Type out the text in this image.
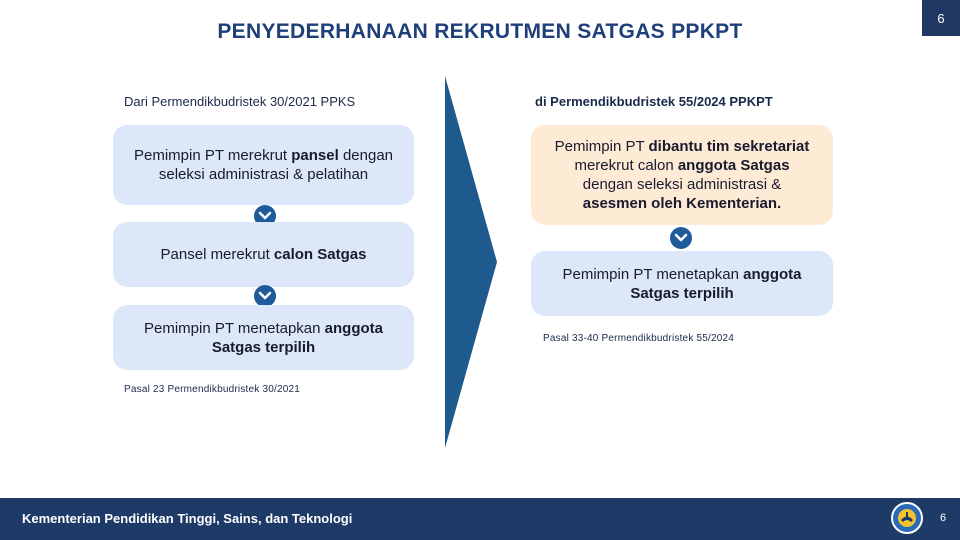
6
PENYEDERHANAAN REKRUTMEN SATGAS PPKPT
Dari Permendikbudristek 30/2021 PPKS	di Permendikbudristek 55/2024 PPKPT
Pemimpin PT merekrut pansel dengan seleksi administrasi & pelatihan
Pansel merekrut calon Satgas
Pemimpin PT menetapkan anggota Satgas terpilih
Pasal 23 Permendikbudristek 30/2021
Pemimpin PT dibantu tim sekretariat merekrut calon anggota Satgas dengan seleksi administrasi & asesmen oleh Kementerian.
Pemimpin PT menetapkan anggota Satgas terpilih
Pasal 33-40 Permendikbudristek 55/2024
Kementerian Pendidikan Tinggi, Sains, dan Teknologi	6
